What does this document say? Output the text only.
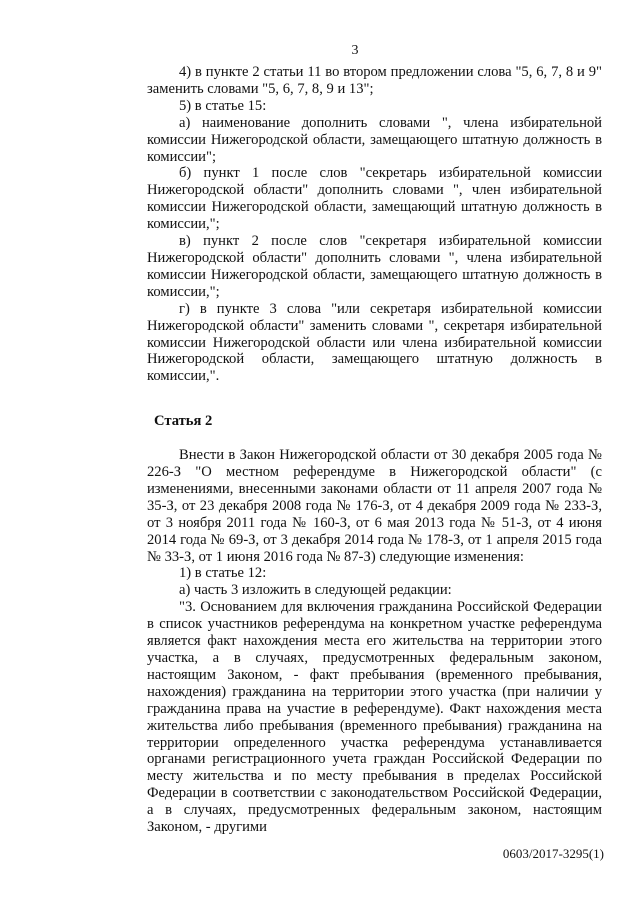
3

4) в пункте 2 статьи 11 во втором предложении слова "5, 6, 7, 8 и 9" заменить словами "5, 6, 7, 8, 9 и 13";

5) в статье 15:

а) наименование дополнить словами ", члена избирательной комиссии Нижегородской области, замещающего штатную должность в комиссии";

б) пункт 1 после слов "секретарь избирательной комиссии Нижегородской области" дополнить словами ", член избирательной комиссии Нижегородской области, замещающий штатную должность в комиссии,";

в) пункт 2 после слов "секретаря избирательной комиссии Нижегородской области" дополнить словами ", члена избирательной комиссии Нижегородской области, замещающего штатную должность в комиссии,";

г) в пункте 3 слова "или секретаря избирательной комиссии Нижегородской области" заменить словами ", секретаря избирательной комиссии Нижегородской области или члена избирательной комиссии Нижегородской области, замещающего штатную должность в комиссии,".

Статья 2

Внести в Закон Нижегородской области от 30 декабря 2005 года № 226-З "О местном референдуме в Нижегородской области" (с изменениями, внесенными законами области от 11 апреля 2007 года № 35-З, от 23 декабря 2008 года № 176-З, от 4 декабря 2009 года № 233-З, от 3 ноября 2011 года № 160-З, от 6 мая 2013 года № 51-З, от 4 июня 2014 года № 69-З, от 3 декабря 2014 года № 178-З, от 1 апреля 2015 года № 33-З, от 1 июня 2016 года № 87-З) следующие изменения:

1) в статье 12:

а) часть 3 изложить в следующей редакции:

"3. Основанием для включения гражданина Российской Федерации в список участников референдума на конкретном участке референдума является факт нахождения места его жительства на территории этого участка, а в случаях, предусмотренных федеральным законом, настоящим Законом, - факт пребывания (временного пребывания, нахождения) гражданина на территории этого участка (при наличии у гражданина права на участие в референдуме). Факт нахождения места жительства либо пребывания (временного пребывания) гражданина на территории определенного участка референдума устанавливается органами регистрационного учета граждан Российской Федерации по месту жительства и по месту пребывания в пределах Российской Федерации в соответствии с законодательством Российской Федерации, а в случаях, предусмотренных федеральным законом, настоящим Законом, - другими

0603/2017-3295(1)
